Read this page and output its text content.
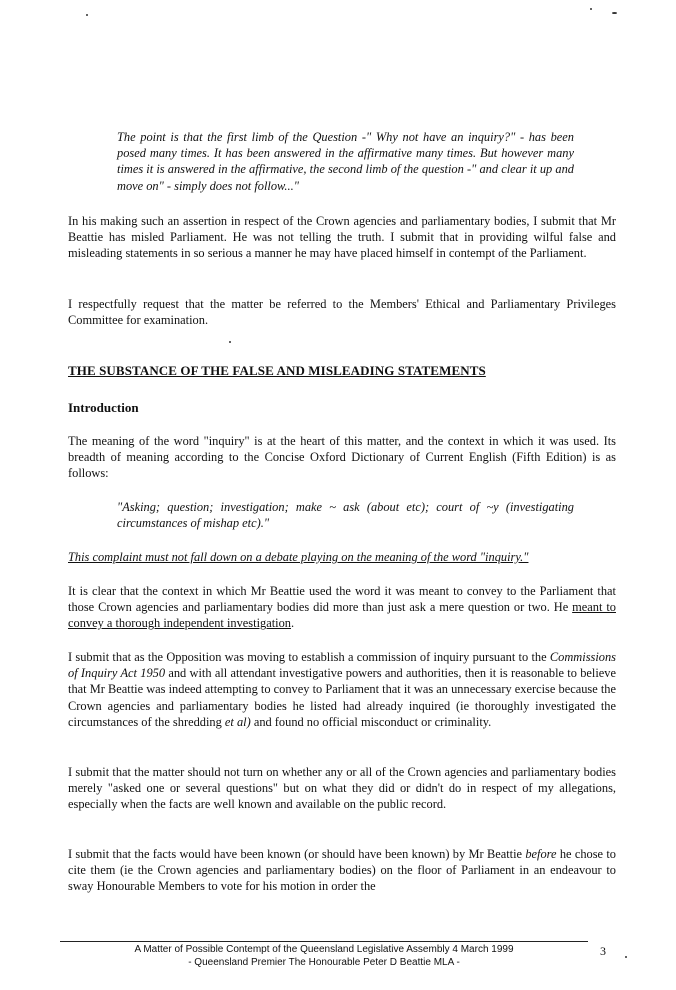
The point is that the first limb of the Question -" Why not have an inquiry?" - has been posed many times. It has been answered in the affirmative many times. But however many times it is answered in the affirmative, the second limb of the question -" and clear it up and move on" - simply does not follow..."

In his making such an assertion in respect of the Crown agencies and parliamentary bodies, I submit that Mr Beattie has misled Parliament. He was not telling the truth. I submit that in providing wilful false and misleading statements in so serious a manner he may have placed himself in contempt of the Parliament.

I respectfully request that the matter be referred to the Members' Ethical and Parliamentary Privileges Committee for examination.

THE SUBSTANCE OF THE FALSE AND MISLEADING STATEMENTS
Introduction

The meaning of the word "inquiry" is at the heart of this matter, and the context in which it was used. Its breadth of meaning according to the Concise Oxford Dictionary of Current English (Fifth Edition) is as follows:

"Asking; question; investigation; make ~ ask (about etc); court of ~y (investigating circumstances of mishap etc)."

This complaint must not fall down on a debate playing on the meaning of the word "inquiry."

It is clear that the context in which Mr Beattie used the word it was meant to convey to the Parliament that those Crown agencies and parliamentary bodies did more than just ask a mere question or two. He meant to convey a thorough independent investigation.

I submit that as the Opposition was moving to establish a commission of inquiry pursuant to the Commissions of Inquiry Act 1950 and with all attendant investigative powers and authorities, then it is reasonable to believe that Mr Beattie was indeed attempting to convey to Parliament that it was an unnecessary exercise because the Crown agencies and parliamentary bodies he listed had already inquired (ie thoroughly investigated the circumstances of the shredding et al) and found no official misconduct or criminality.

I submit that the matter should not turn on whether any or all of the Crown agencies and parliamentary bodies merely "asked one or several questions" but on what they did or didn't do in respect of my allegations, especially when the facts are well known and available on the public record.

I submit that the facts would have been known (or should have been known) by Mr Beattie before he chose to cite them (ie the Crown agencies and parliamentary bodies) on the floor of Parliament in an endeavour to sway Honourable Members to vote for his motion in order the

A Matter of Possible Contempt of the Queensland Legislative Assembly 4 March 1999
- Queensland Premier The Honourable Peter D Beattie MLA -
3
